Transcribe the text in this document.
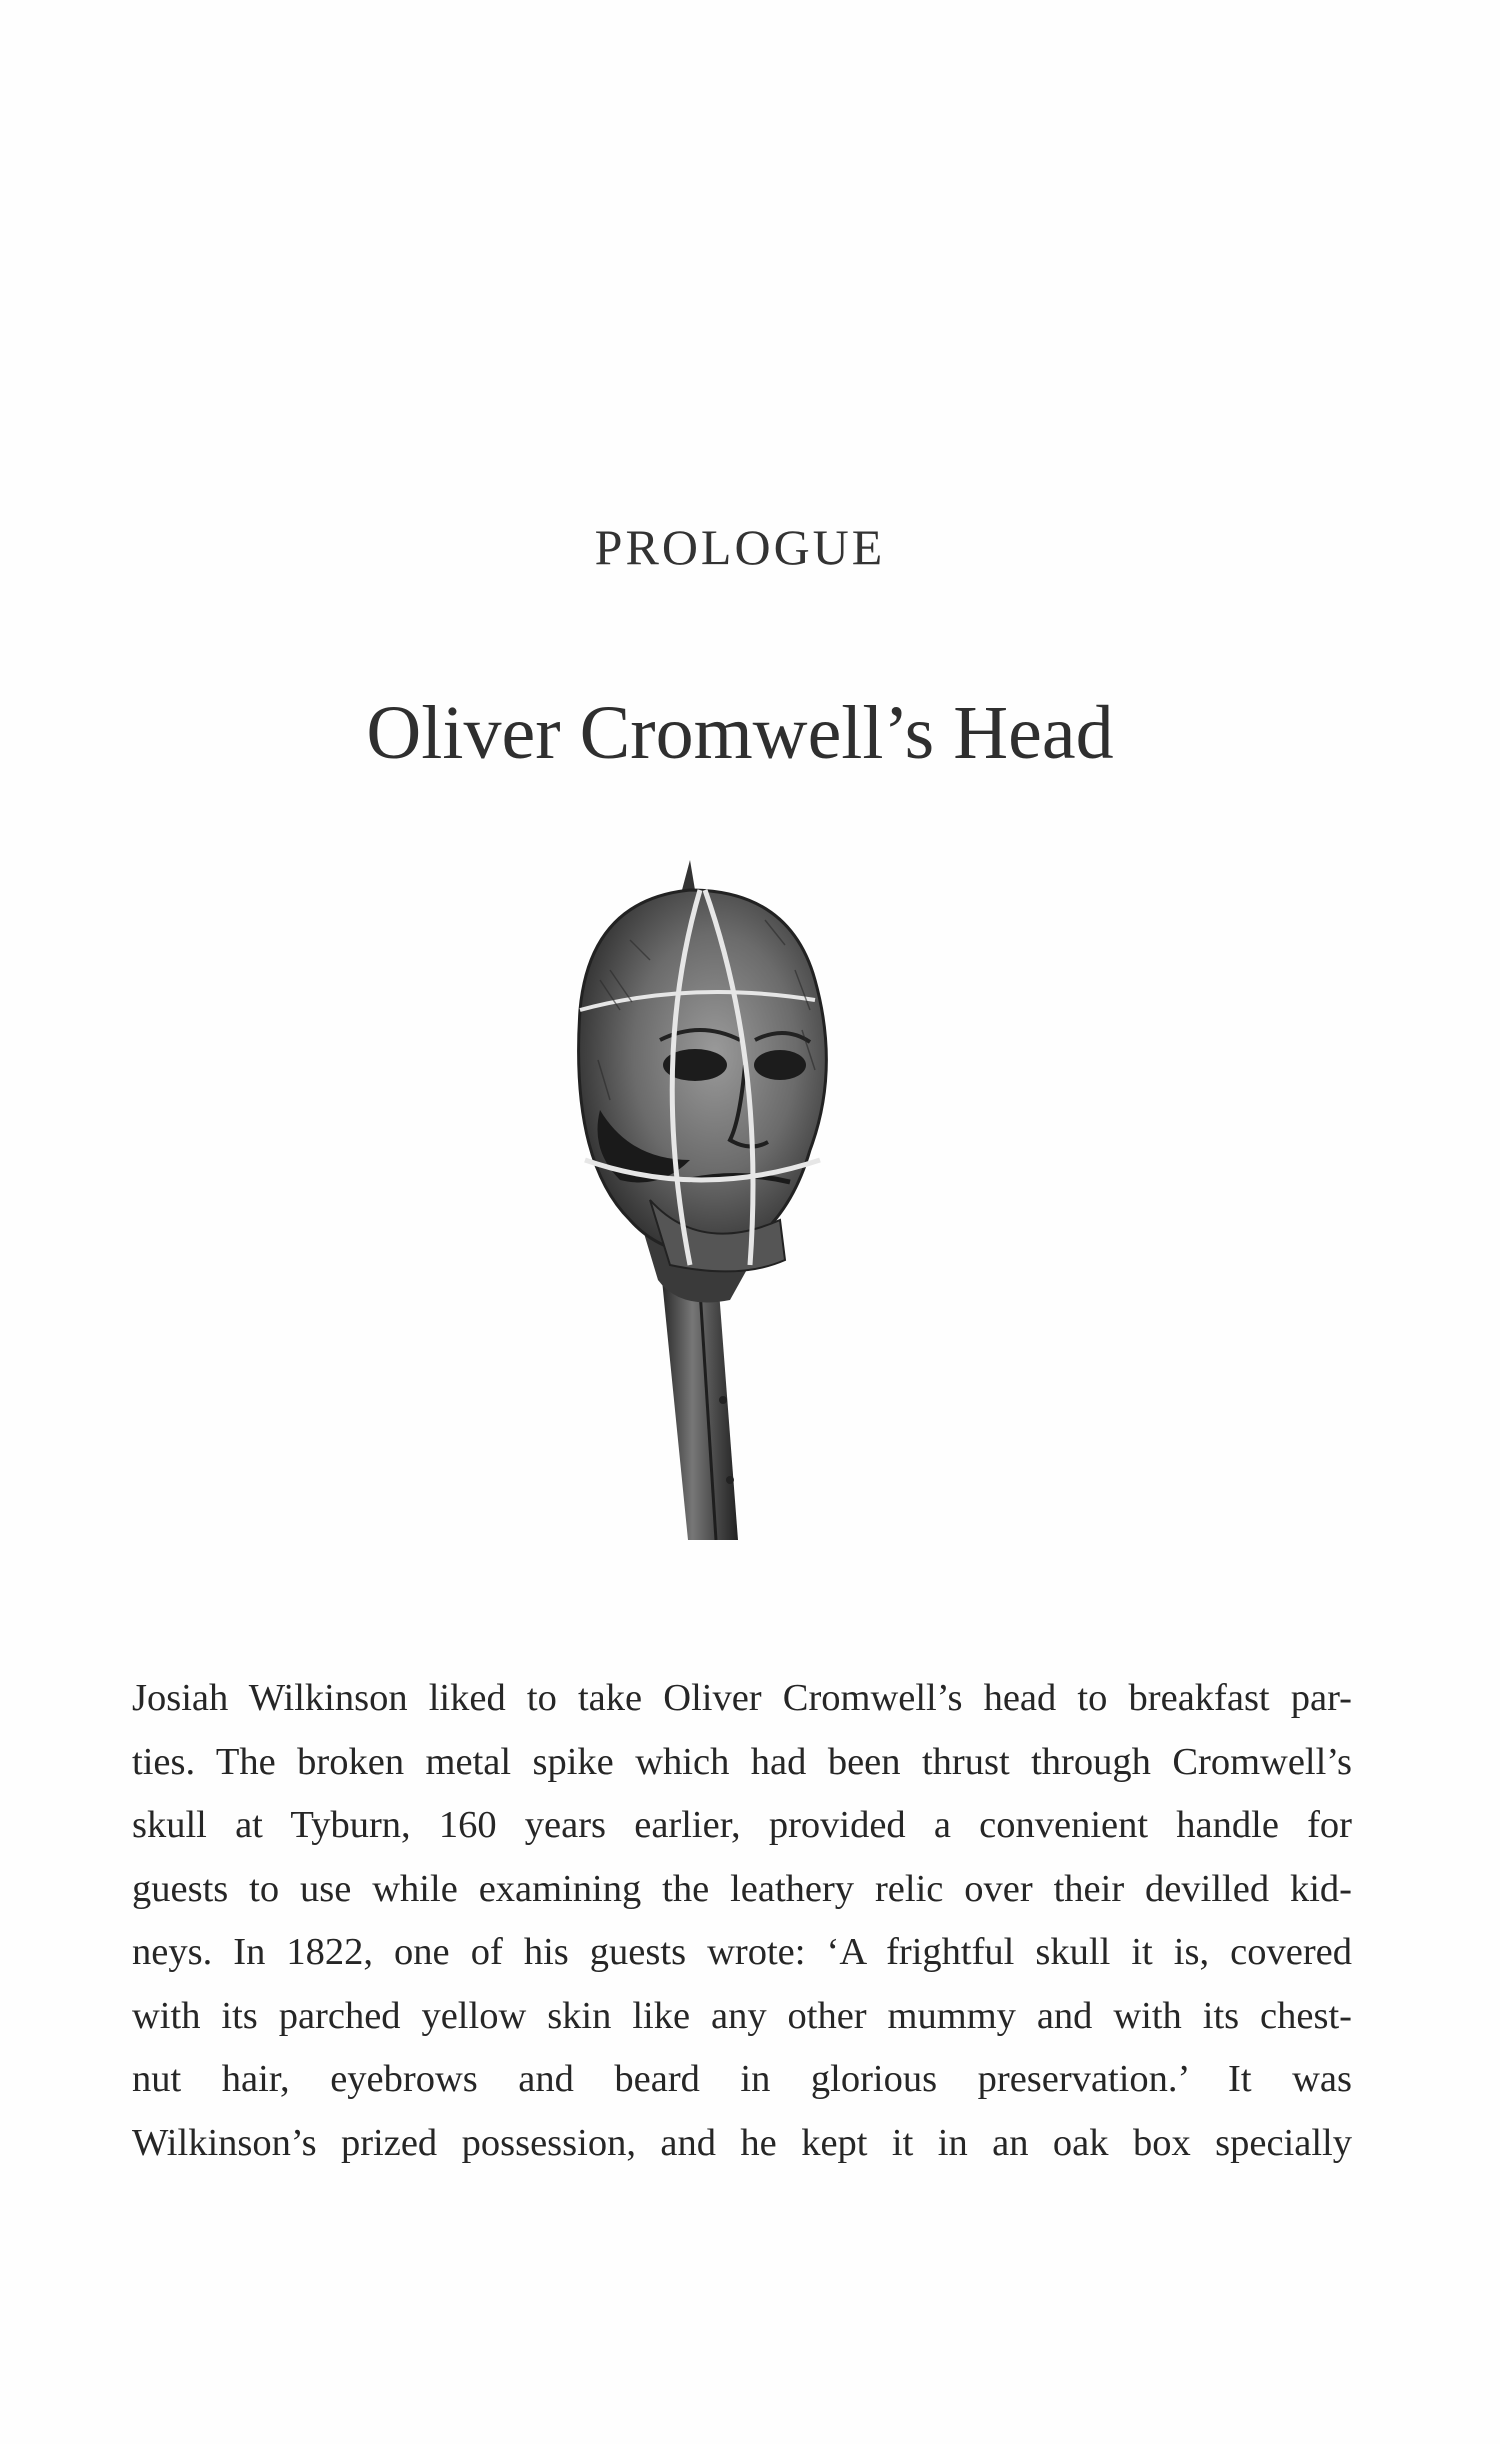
PROLOGUE
Oliver Cromwell’s Head
Josiah Wilkinson liked to take Oliver Cromwell’s head to breakfast par-
ties. The broken metal spike which had been thrust through Cromwell’s
skull at Tyburn, 160 years earlier, provided a convenient handle for
guests to use while examining the leathery relic over their devilled kid-
neys. In 1822, one of his guests wrote: ‘A frightful skull it is, covered
with its parched yellow skin like any other mummy and with its chest-
nut hair, eyebrows and beard in glorious preservation.’ It was
Wilkinson’s prized possession, and he kept it in an oak box specially
